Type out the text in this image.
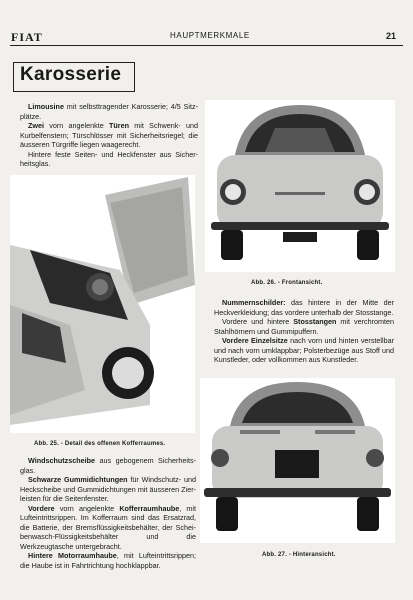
FIAT	HAUPTMERKMALE	21
Karosserie
Limousine mit selbsttragender Karosserie; 4/5 Sitz-plätze.
Zwei vorn angelenkte Türen mit Schwenk- und Kurbelfenstern; Türschlösser mit Sicherheitsriegel; die äusseren Türgriffe liegen waagerecht.
Hintere feste Seiten- und Heckfenster aus Sicher-heitsglas.
Abb. 26. - Frontansicht.
Abb. 25. - Detail des offenen Kofferraumes.
Nummernschilder: das hintere in der Mitte der Heckverkleidung; das vordere unterhalb der Stosstange.
Vordere und hintere Stosstangen mit verchromten Stahlhörnern und Gummipuffern.
Vordere Einzelsitze nach vorn und hinten verstellbar und nach vorn umklappbar; Polsterbezüge aus Stoff und Kunstleder, oder vollkommen aus Kunstleder.
Abb. 27. - Hinteransicht.
Windschutzscheibe aus gebogenem Sicherheits-glas.
Schwarze Gummidichtungen für Windschutz- und Heckscheibe und Gummidichtungen mit äusseren Zier-leisten für die Seitenfenster.
Vordere vorn angelenkte Kofferraumhaube, mit Lufteintrittsrippen. Im Kofferraum sind das Ersatzrad, die Batterie, der Bremsflüssigkeitsbehälter, der Schei-benwasch-Flüssigkeitsbehälter und die Werkzeugtasche untergebracht.
Hintere Motorraumhaube, mit Lufteintrittsrippen; die Haube ist in Fahrtrichtung hochklappbar.
